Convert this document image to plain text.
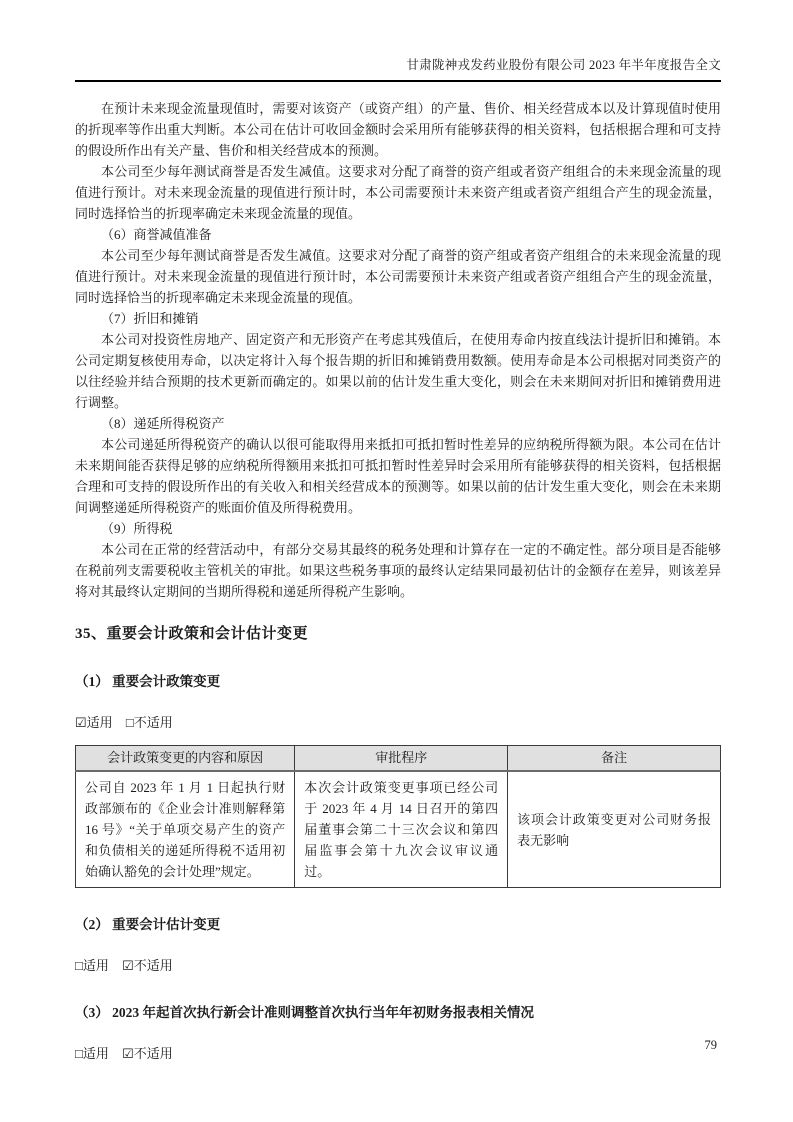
甘肃陇神戎发药业股份有限公司 2023 年半年度报告全文

在预计未来现金流量现值时，需要对该资产（或资产组）的产量、售价、相关经营成本以及计算现值时使用的折现率等作出重大判断。本公司在估计可收回金额时会采用所有能够获得的相关资料，包括根据合理和可支持的假设所作出有关产量、售价和相关经营成本的预测。

本公司至少每年测试商誉是否发生减值。这要求对分配了商誉的资产组或者资产组组合的未来现金流量的现值进行预计。对未来现金流量的现值进行预计时，本公司需要预计未来资产组或者资产组组合产生的现金流量，同时选择恰当的折现率确定未来现金流量的现值。

（6）商誉减值准备

本公司至少每年测试商誉是否发生减值。这要求对分配了商誉的资产组或者资产组组合的未来现金流量的现值进行预计。对未来现金流量的现值进行预计时，本公司需要预计未来资产组或者资产组组合产生的现金流量，同时选择恰当的折现率确定未来现金流量的现值。

（7）折旧和摊销

本公司对投资性房地产、固定资产和无形资产在考虑其残值后，在使用寿命内按直线法计提折旧和摊销。本公司定期复核使用寿命，以决定将计入每个报告期的折旧和摊销费用数额。使用寿命是本公司根据对同类资产的以往经验并结合预期的技术更新而确定的。如果以前的估计发生重大变化，则会在未来期间对折旧和摊销费用进行调整。

（8）递延所得税资产

本公司递延所得税资产的确认以很可能取得用来抵扣可抵扣暂时性差异的应纳税所得额为限。本公司在估计未来期间能否获得足够的应纳税所得额用来抵扣可抵扣暂时性差异时会采用所有能够获得的相关资料，包括根据合理和可支持的假设所作出的有关收入和相关经营成本的预测等。如果以前的估计发生重大变化，则会在未来期间调整递延所得税资产的账面价值及所得税费用。

（9）所得税

本公司在正常的经营活动中，有部分交易其最终的税务处理和计算存在一定的不确定性。部分项目是否能够在税前列支需要税收主管机关的审批。如果这些税务事项的最终认定结果同最初估计的金额存在差异，则该差异将对其最终认定期间的当期所得税和递延所得税产生影响。

35、重要会计政策和会计估计变更
（1） 重要会计政策变更

☑适用 □不适用

会计政策变更的内容和原因	审批程序	备注
公司自 2023 年 1 月 1 日起执行财政部颁布的《企业会计准则解释第 16 号》“关于单项交易产生的资产和负债相关的递延所得税不适用初始确认豁免的会计处理”规定。	本次会计政策变更事项已经公司于 2023 年 4 月 14 日召开的第四届董事会第二十三次会议和第四届监事会第十九次会议审议通过。	该项会计政策变更对公司财务报表无影响
（2） 重要会计估计变更

□适用 ☑不适用

（3） 2023 年起首次执行新会计准则调整首次执行当年年初财务报表相关情况

□适用 ☑不适用

79
